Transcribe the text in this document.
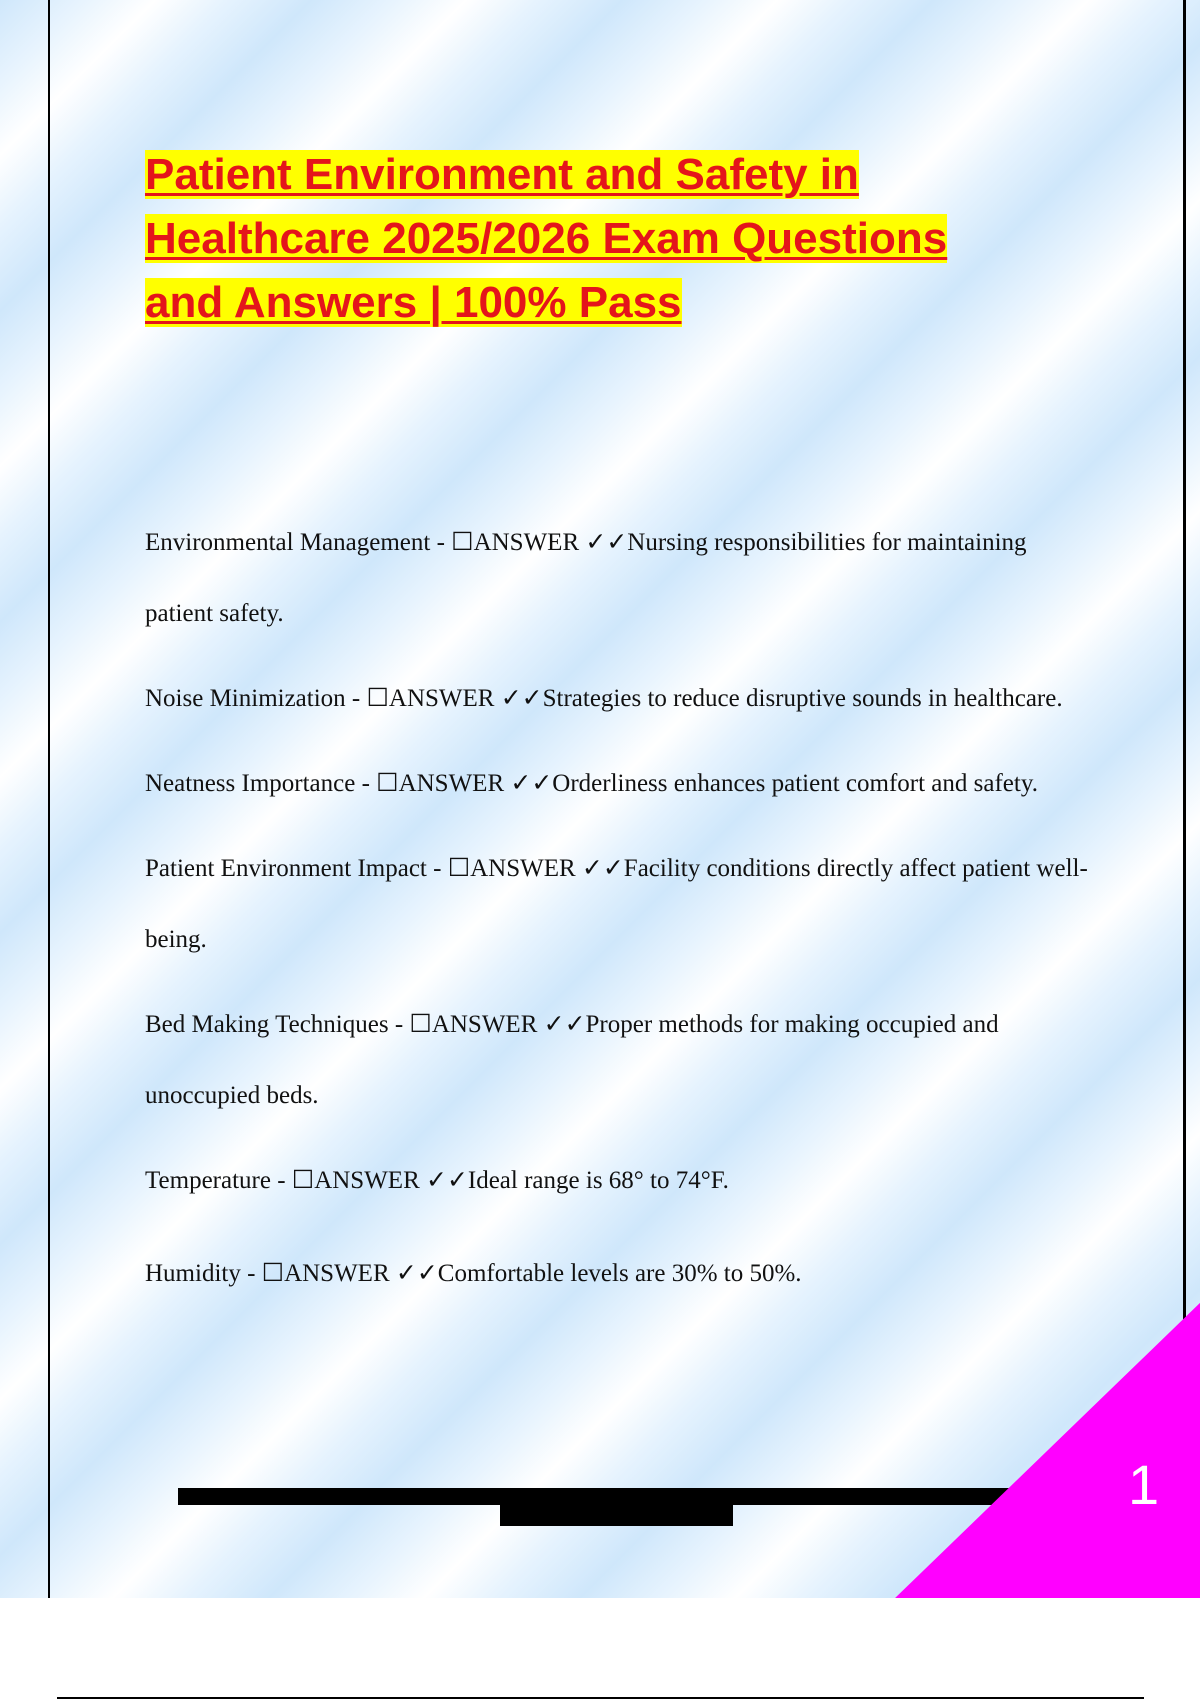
Patient Environment and Safety in
Healthcare 2025/2026 Exam Questions
and Answers | 100% Pass
Environmental Management - ☐ANSWER ✓✓Nursing responsibilities for maintaining patient safety.
Noise Minimization - ☐ANSWER ✓✓Strategies to reduce disruptive sounds in healthcare.
Neatness Importance - ☐ANSWER ✓✓Orderliness enhances patient comfort and safety.
Patient Environment Impact - ☐ANSWER ✓✓Facility conditions directly affect patient well-being.
Bed Making Techniques - ☐ANSWER ✓✓Proper methods for making occupied and unoccupied beds.
Temperature - ☐ANSWER ✓✓Ideal range is 68° to 74°F.
Humidity - ☐ANSWER ✓✓Comfortable levels are 30% to 50%.
1
